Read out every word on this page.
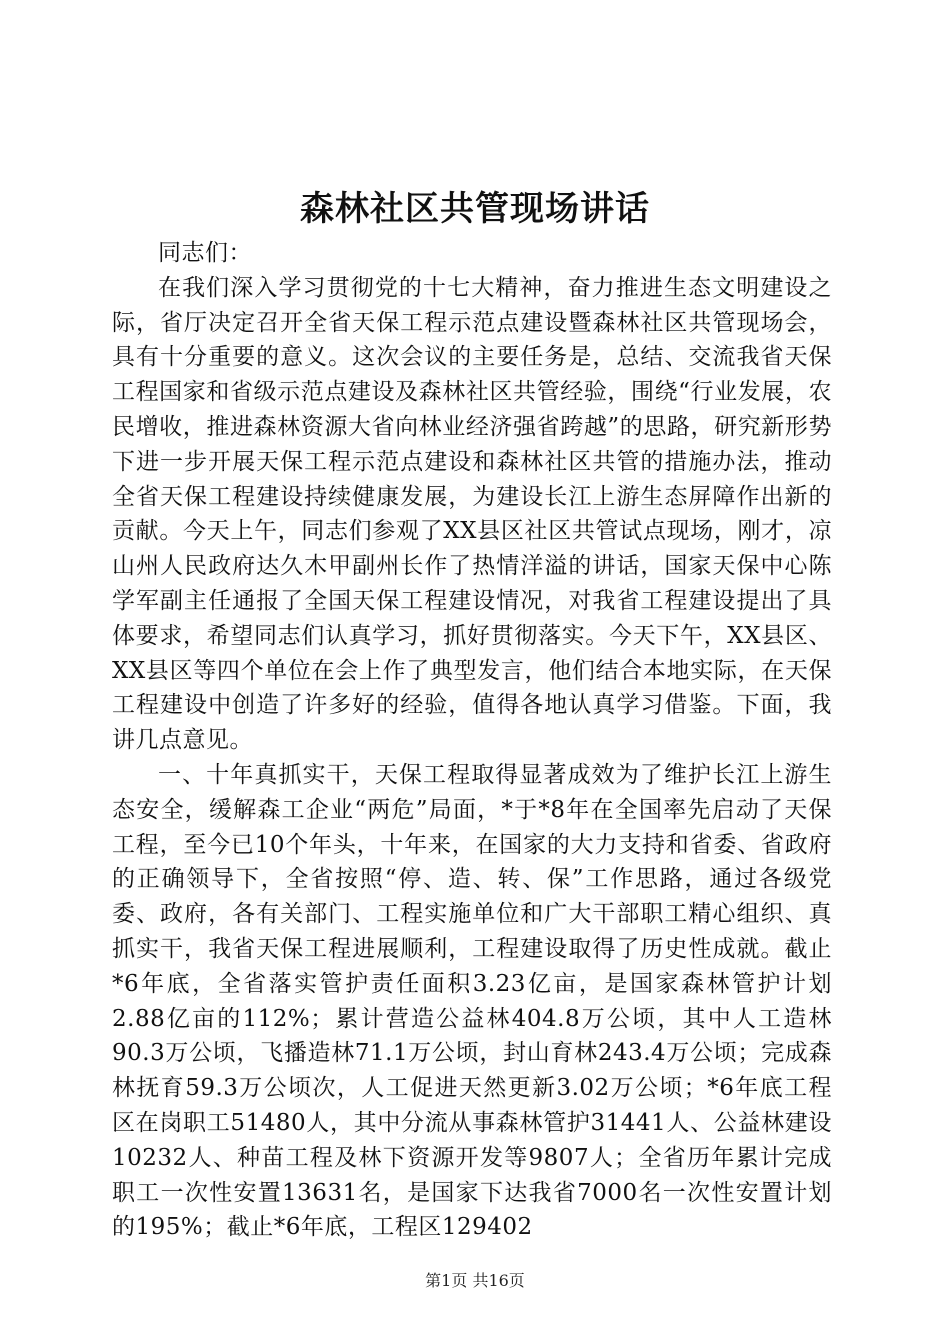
森林社区共管现场讲话

同志们：

在我们深入学习贯彻党的十七大精神，奋力推进生态文明建设之际，省厅决定召开全省天保工程示范点建设暨森林社区共管现场会，具有十分重要的意义。这次会议的主要任务是，总结、交流我省天保工程国家和省级示范点建设及森林社区共管经验，围绕“行业发展，农民增收，推进森林资源大省向林业经济强省跨越”的思路，研究新形势下进一步开展天保工程示范点建设和森林社区共管的措施办法，推动全省天保工程建设持续健康发展，为建设长江上游生态屏障作出新的贡献。今天上午，同志们参观了XX县区社区共管试点现场，刚才，凉山州人民政府达久木甲副州长作了热情洋溢的讲话，国家天保中心陈学军副主任通报了全国天保工程建设情况，对我省工程建设提出了具体要求，希望同志们认真学习，抓好贯彻落实。今天下午，XX县区、XX县区等四个单位在会上作了典型发言，他们结合本地实际，在天保工程建设中创造了许多好的经验，值得各地认真学习借鉴。下面，我讲几点意见。

一、十年真抓实干，天保工程取得显著成效为了维护长江上游生态安全，缓解森工企业“两危”局面，*于*8年在全国率先启动了天保工程，至今已10个年头，十年来，在国家的大力支持和省委、省政府的正确领导下，全省按照“停、造、转、保”工作思路，通过各级党委、政府，各有关部门、工程实施单位和广大干部职工精心组织、真抓实干，我省天保工程进展顺利，工程建设取得了历史性成就。截止*6年底，全省落实管护责任面积3.23亿亩，是国家森林管护计划2.88亿亩的112%；累计营造公益林404.8万公顷，其中人工造林90.3万公顷，飞播造林71.1万公顷，封山育林243.4万公顷；完成森林抚育59.3万公顷次，人工促进天然更新3.02万公顷；*6年底工程区在岗职工51480人，其中分流从事森林管护31441人、公益林建设10232人、种苗工程及林下资源开发等9807人；全省历年累计完成职工一次性安置13631名，是国家下达我省7000名一次性安置计划的195%；截止*6年底，工程区129402

第1页 共16页
